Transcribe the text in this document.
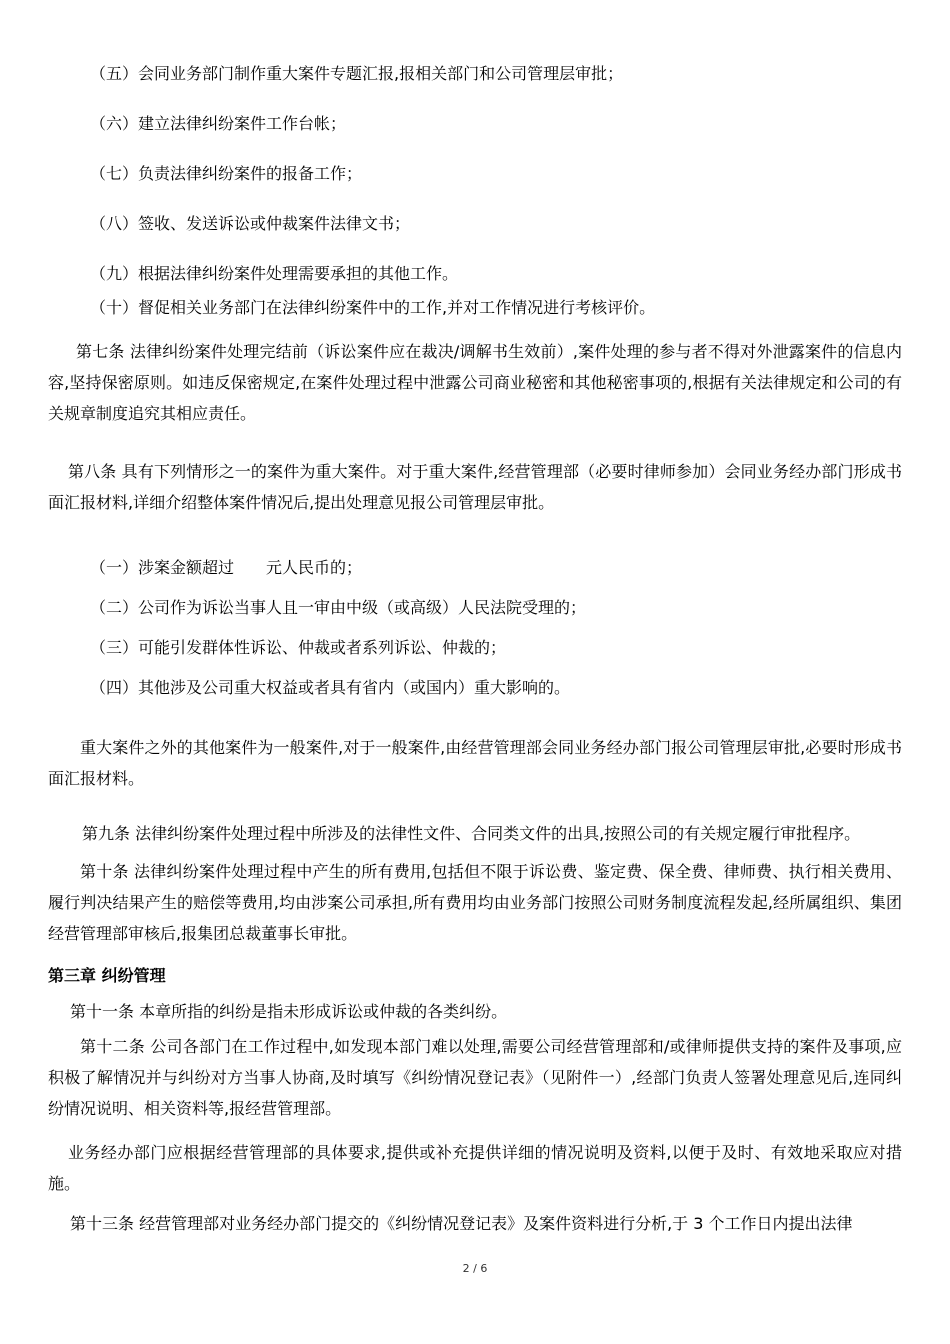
（五）会同业务部门制作重大案件专题汇报,报相关部门和公司管理层审批；
（六）建立法律纠纷案件工作台帐；
（七）负责法律纠纷案件的报备工作；
（八）签收、发送诉讼或仲裁案件法律文书；
（九）根据法律纠纷案件处理需要承担的其他工作。
（十）督促相关业务部门在法律纠纷案件中的工作,并对工作情况进行考核评价。
第七条 法律纠纷案件处理完结前（诉讼案件应在裁决/调解书生效前）,案件处理的参与者不得对外泄露案件的信息内容,坚持保密原则。如违反保密规定,在案件处理过程中泄露公司商业秘密和其他秘密事项的,根据有关法律规定和公司的有关规章制度追究其相应责任。
第八条 具有下列情形之一的案件为重大案件。对于重大案件,经营管理部（必要时律师参加）会同业务经办部门形成书面汇报材料,详细介绍整体案件情况后,提出处理意见报公司管理层审批。
（一）涉案金额超过　　元人民币的；
（二）公司作为诉讼当事人且一审由中级（或高级）人民法院受理的；
（三）可能引发群体性诉讼、仲裁或者系列诉讼、仲裁的；
（四）其他涉及公司重大权益或者具有省内（或国内）重大影响的。
重大案件之外的其他案件为一般案件,对于一般案件,由经营管理部会同业务经办部门报公司管理层审批,必要时形成书面汇报材料。
第九条 法律纠纷案件处理过程中所涉及的法律性文件、合同类文件的出具,按照公司的有关规定履行审批程序。
第十条 法律纠纷案件处理过程中产生的所有费用,包括但不限于诉讼费、鉴定费、保全费、律师费、执行相关费用、履行判决结果产生的赔偿等费用,均由涉案公司承担,所有费用均由业务部门按照公司财务制度流程发起,经所属组织、集团经营管理部审核后,报集团总裁董事长审批。
第三章 纠纷管理
第十一条 本章所指的纠纷是指未形成诉讼或仲裁的各类纠纷。
第十二条 公司各部门在工作过程中,如发现本部门难以处理,需要公司经营管理部和/或律师提供支持的案件及事项,应积极了解情况并与纠纷对方当事人协商,及时填写《纠纷情况登记表》（见附件一）,经部门负责人签署处理意见后,连同纠纷情况说明、相关资料等,报经营管理部。
业务经办部门应根据经营管理部的具体要求,提供或补充提供详细的情况说明及资料,以便于及时、有效地采取应对措施。
第十三条 经营管理部对业务经办部门提交的《纠纷情况登记表》及案件资料进行分析,于 3 个工作日内提出法律
2 / 6
